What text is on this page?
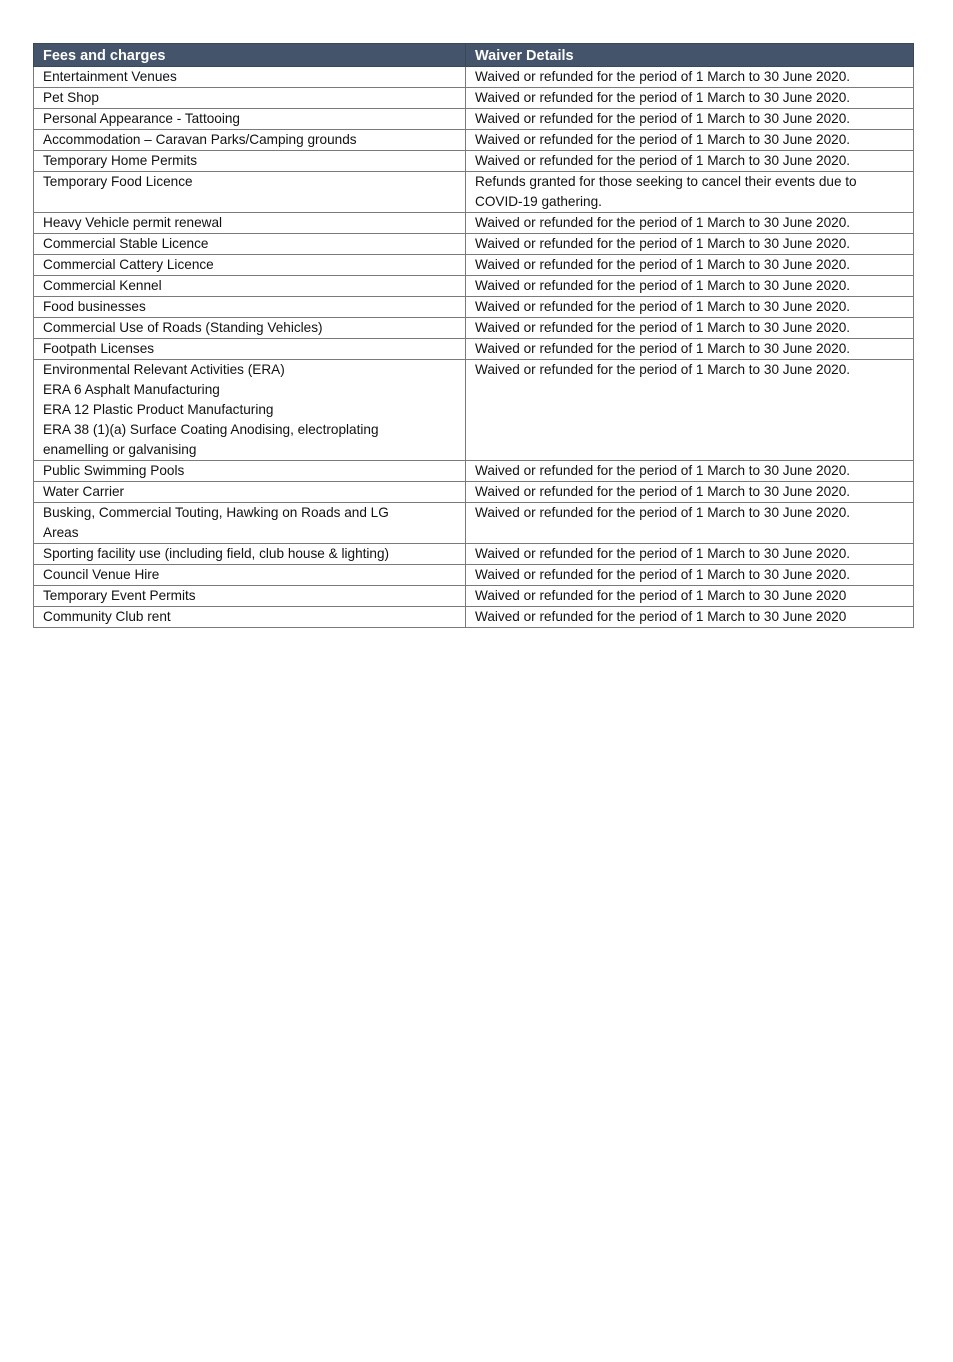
Fees and charges	Waiver Details

Entertainment Venues	Waived or refunded for the period of 1 March to 30 June 2020.

Pet Shop	Waived or refunded for the period of 1 March to 30 June 2020.

Personal Appearance - Tattooing	Waived or refunded for the period of 1 March to 30 June 2020.

Accommodation – Caravan Parks/Camping grounds	Waived or refunded for the period of 1 March to 30 June 2020.

Temporary Home Permits	Waived or refunded for the period of 1 March to 30 June 2020.

Temporary Food Licence	Refunds granted for those seeking to cancel their events due to
COVID-19 gathering.

Heavy Vehicle permit renewal	Waived or refunded for the period of 1 March to 30 June 2020.

Commercial Stable Licence	Waived or refunded for the period of 1 March to 30 June 2020.

Commercial Cattery Licence	Waived or refunded for the period of 1 March to 30 June 2020.

Commercial Kennel	Waived or refunded for the period of 1 March to 30 June 2020.

Food businesses	Waived or refunded for the period of 1 March to 30 June 2020.

Commercial Use of Roads (Standing Vehicles)	Waived or refunded for the period of 1 March to 30 June 2020.

Footpath Licenses	Waived or refunded for the period of 1 March to 30 June 2020.

Environmental Relevant Activities (ERA)
ERA 6 Asphalt Manufacturing
ERA 12 Plastic Product Manufacturing
ERA 38 (1)(a) Surface Coating Anodising, electroplating
enamelling or galvanising	Waived or refunded for the period of 1 March to 30 June 2020.

Public Swimming Pools	Waived or refunded for the period of 1 March to 30 June 2020.

Water Carrier	Waived or refunded for the period of 1 March to 30 June 2020.

Busking, Commercial Touting, Hawking on Roads and LG
Areas	Waived or refunded for the period of 1 March to 30 June 2020.

Sporting facility use (including field, club house & lighting)	Waived or refunded for the period of 1 March to 30 June 2020.

Council Venue Hire	Waived or refunded for the period of 1 March to 30 June 2020.

Temporary Event Permits	Waived or refunded for the period of 1 March to 30 June 2020

Community Club rent	Waived or refunded for the period of 1 March to 30 June 2020
